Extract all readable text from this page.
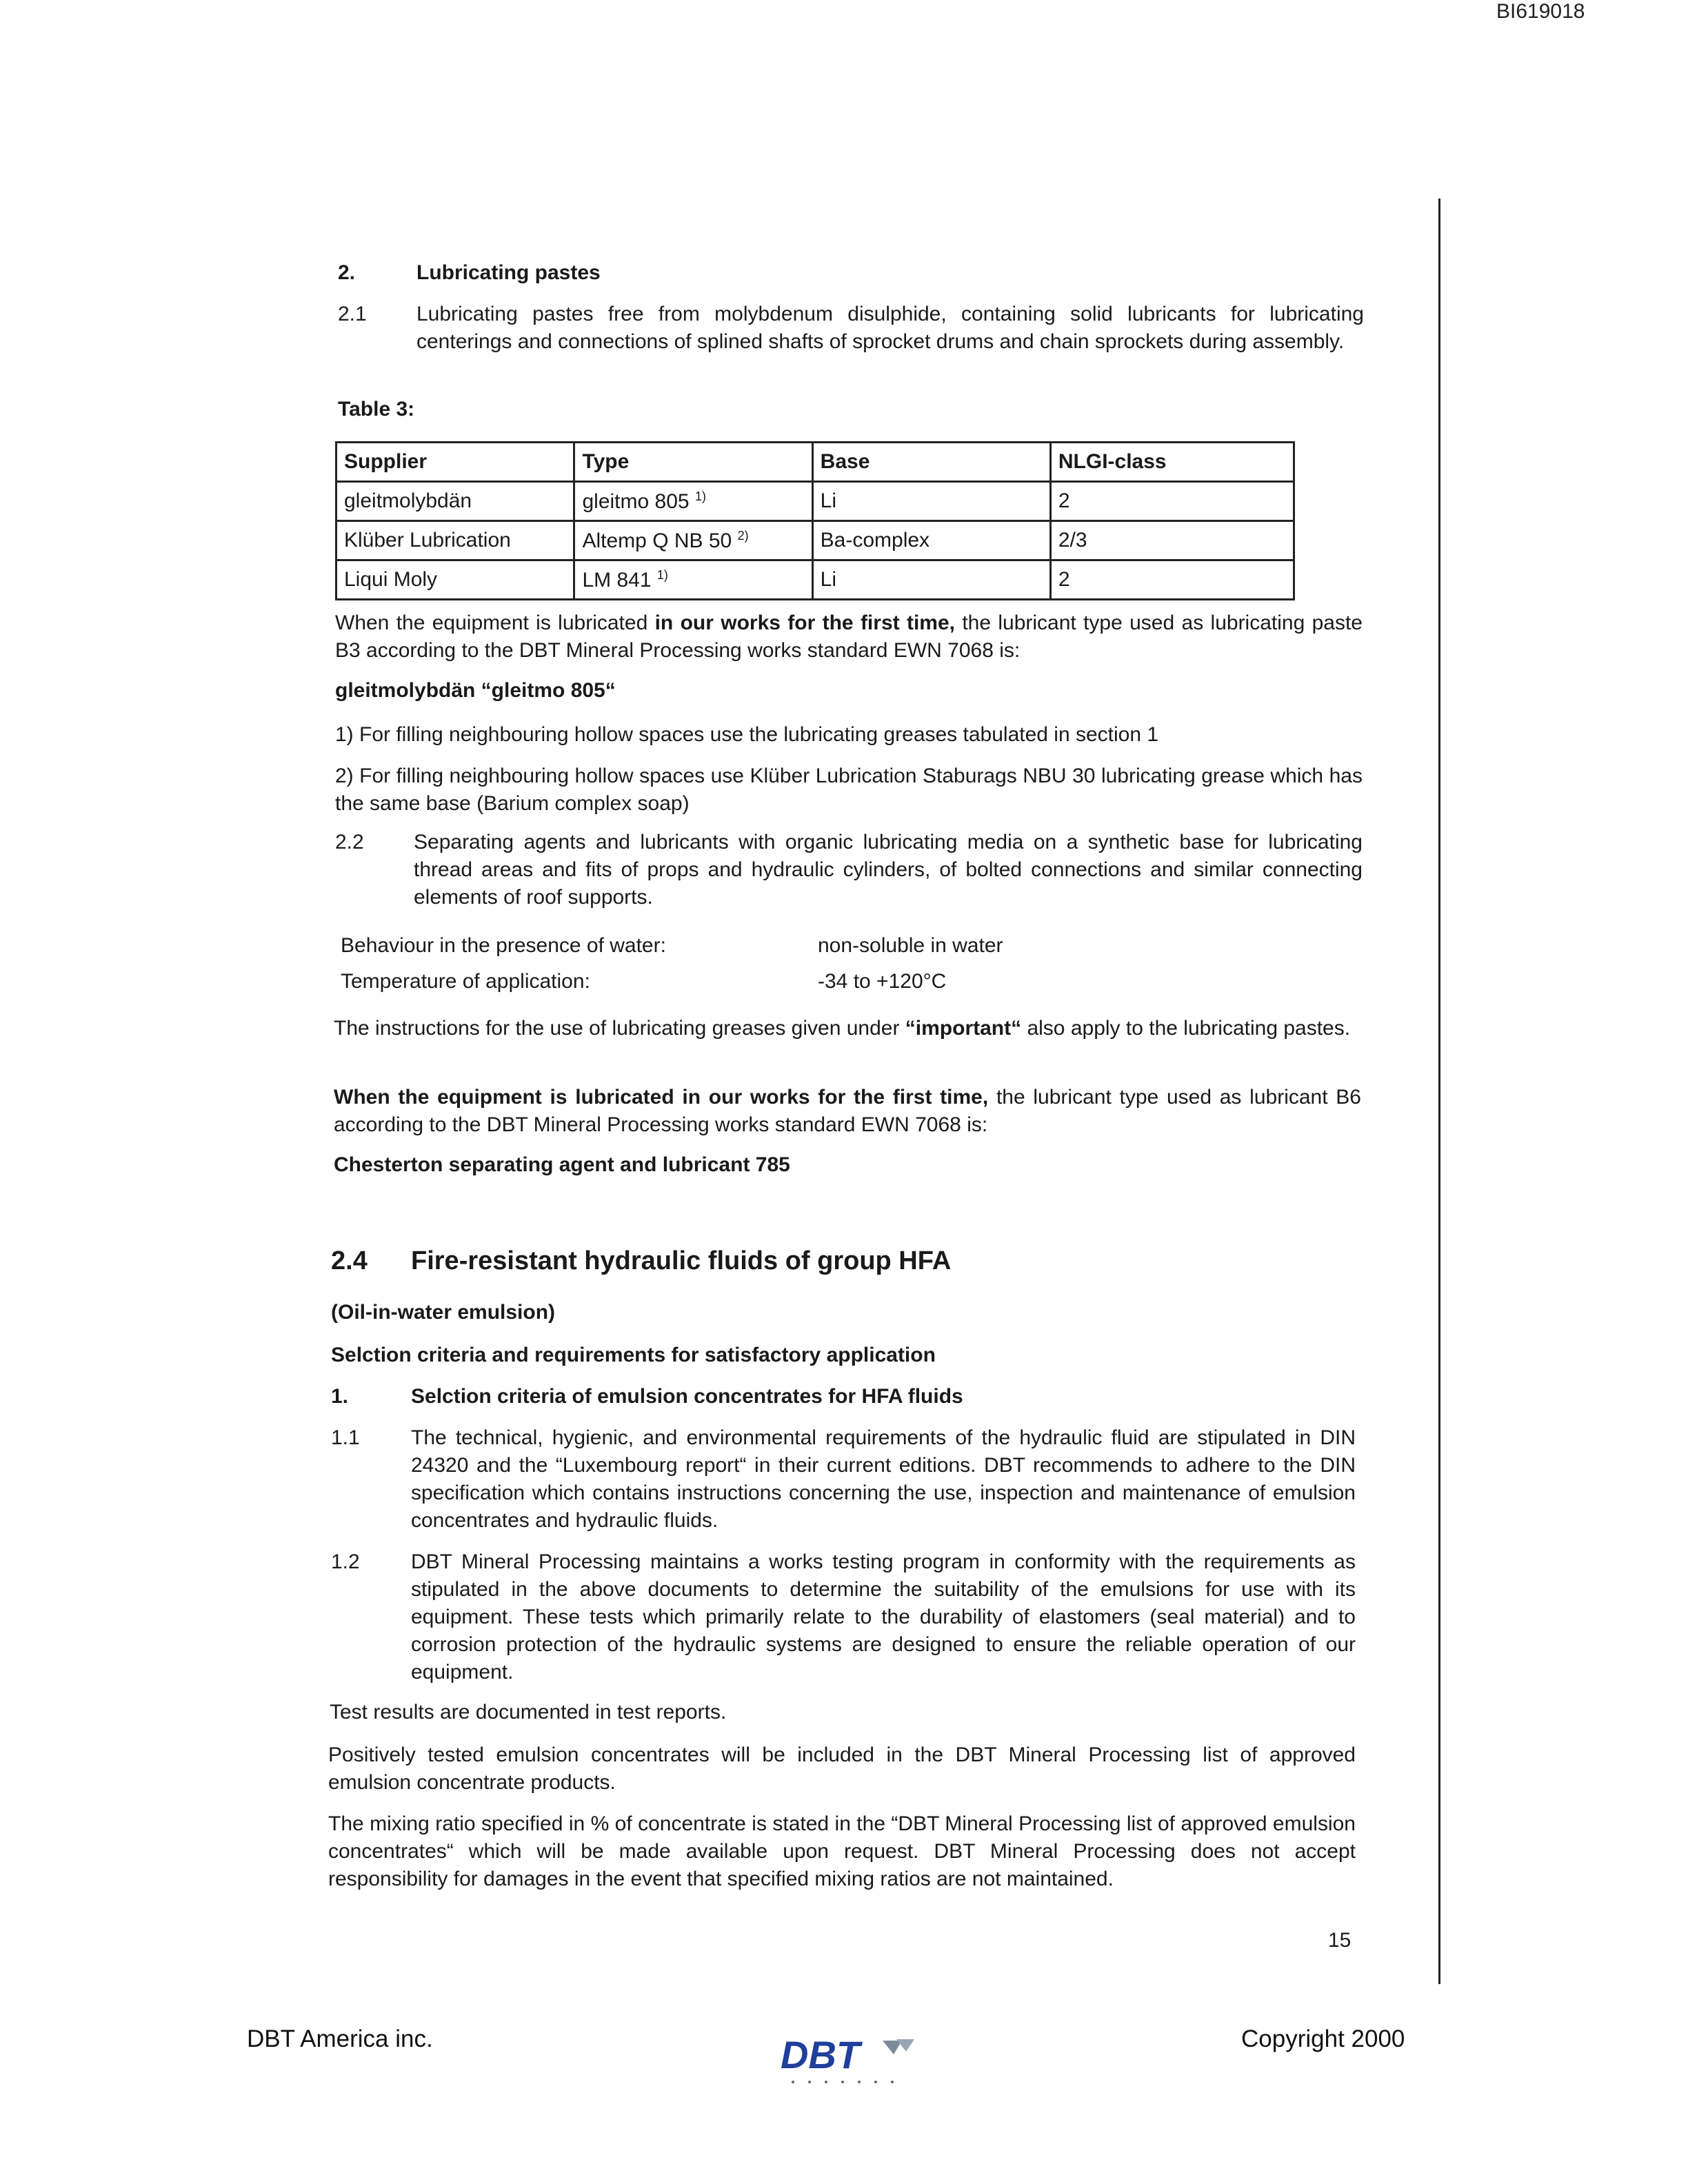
BI619018
2.	Lubricating pastes
2.1 Lubricating pastes free from molybdenum disulphide, containing solid lubricants for lubricating centerings and connections of splined shafts of sprocket drums and chain sprockets during assembly.
Table 3:
Supplier	Type	Base	NLGI-class
gleitmolybdän	gleitmo 805 $^{1)}$	Li	2
Klüber Lubrication	Altemp Q NB 50 $^{2)}$	Ba-complex	2/3
Liqui Moly	LM 841 $^{1)}$	Li	2
When the equipment is lubricated in our works for the first time, the lubricant type used as lubricating paste B3 according to the DBT Mineral Processing works standard EWN 7068 is:
gleitmolybdän “gleitmo 805“
1) For filling neighbouring hollow spaces use the lubricating greases tabulated in section 1
2) For filling neighbouring hollow spaces use Klüber Lubrication Staburags NBU 30 lubricating grease which has the same base (Barium complex soap)
2.2 Separating agents and lubricants with organic lubricating media on a synthetic base for lubricating thread areas and fits of props and hydraulic cylinders, of bolted connections and similar connecting elements of roof supports.
Behaviour in the presence of water:	non-soluble in water
Temperature of application:	-34 to +120°C
The instructions for the use of lubricating greases given under “important“ also apply to the lubricating pastes.
When the equipment is lubricated in our works for the first time, the lubricant type used as lubricant B6 according to the DBT Mineral Processing works standard EWN 7068 is:
Chesterton separating agent and lubricant 785
2.4 Fire-resistant hydraulic fluids of group HFA
(Oil-in-water emulsion)
Selction criteria and requirements for satisfactory application
1.	Selction criteria of emulsion concentrates for HFA fluids
1.1 The technical, hygienic, and environmental requirements of the hydraulic fluid are stipulated in DIN 24320 and the “Luxembourg report“ in their current editions. DBT recommends to adhere to the DIN specification which contains instructions concerning the use, inspection and maintenance of emulsion concentrates and hydraulic fluids.
1.2 DBT Mineral Processing maintains a works testing program in conformity with the requirements as stipulated in the above documents to determine the suitability of the emulsions for use with its equipment. These tests which primarily relate to the durability of elastomers (seal material) and to corrosion protection of the hydraulic systems are designed to ensure the reliable operation of our equipment.
Test results are documented in test reports.
Positively tested emulsion concentrates will be included in the DBT Mineral Processing list of approved emulsion concentrate products.
The mixing ratio specified in % of concentrate is stated in the “DBT Mineral Processing list of approved emulsion concentrates“ which will be made available upon request. DBT Mineral Processing does not accept responsibility for damages in the event that specified mixing ratios are not maintained.
15
DBT America inc.	DBT	Copyright 2000
